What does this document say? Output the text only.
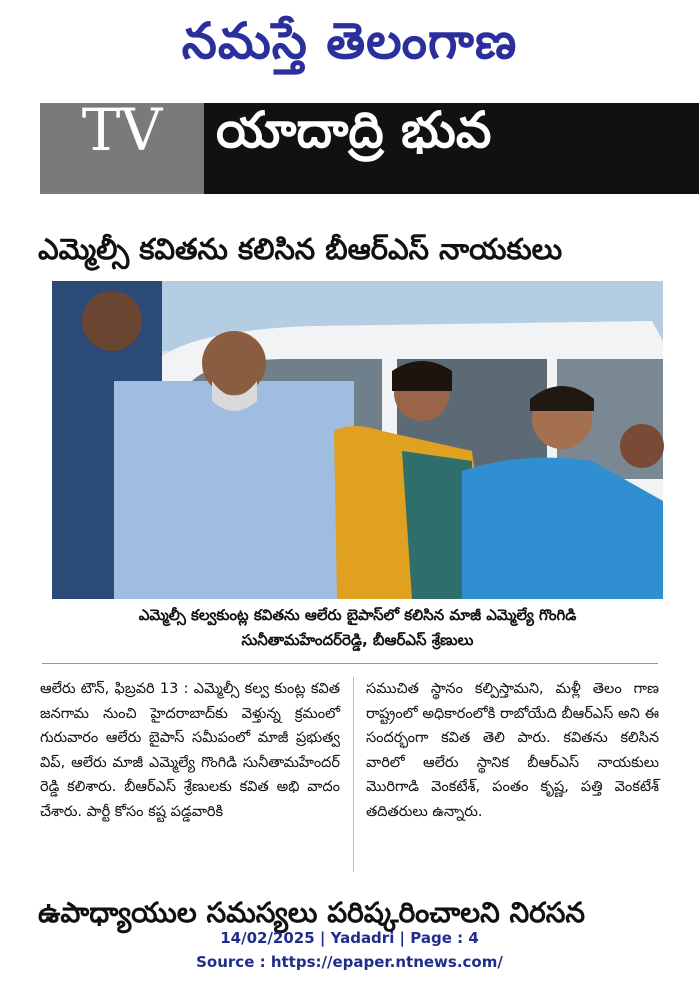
నమస్తే తెలంగాణ
TV	యాదాద్రి భువ
ఎమ్మెల్సీ కవితను కలిసిన బీఆర్ఎస్ నాయకులు
ఎమ్మెల్సీ కల్వకుంట్ల కవితను ఆలేరు బైపాస్‌లో కలిసిన మాజీ ఎమ్మెల్యే గొంగిడి
సునీతామహేందర్‌రెడ్డి, బీఆర్ఎస్ శ్రేణులు
ఆలేరు టౌన్, ఫిబ్రవరి 13 : ఎమ్మెల్సీ కల్వ కుంట్ల కవిత జనగామ నుంచి హైదరాబాద్‌కు వెళ్తున్న క్రమంలో గురువారం ఆలేరు బైపాస్ సమీపంలో మాజీ ప్రభుత్వ విప్, ఆలేరు మాజీ ఎమ్మెల్యే గొంగిడి సునీతామహేందర్ రెడ్డి కలిశారు. బీఆర్ఎస్ శ్రేణులకు కవిత అభి వాదం చేశారు. పార్టీ కోసం కష్ట పడ్డవారికి
సముచిత స్థానం కల్పిస్తామని, మళ్లీ తెలం గాణ రాష్ట్రంలో అధికారంలోకి రాబోయేది బీఆర్ఎస్ అని ఈ సందర్భంగా కవిత తెలి పారు. కవితను కలిసిన వారిలో ఆలేరు స్థానిక బీఆర్ఎస్ నాయకులు మొరిగాడి వెంకటేశ్, పంతం కృష్ణ, పత్తి వెంకటేశ్ తదితరులు ఉన్నారు.
ఉపాధ్యాయుల సమస్యలు పరిష్కరించాలని నిరసన
14/02/2025 | Yadadri | Page : 4
Source : https://epaper.ntnews.com/
